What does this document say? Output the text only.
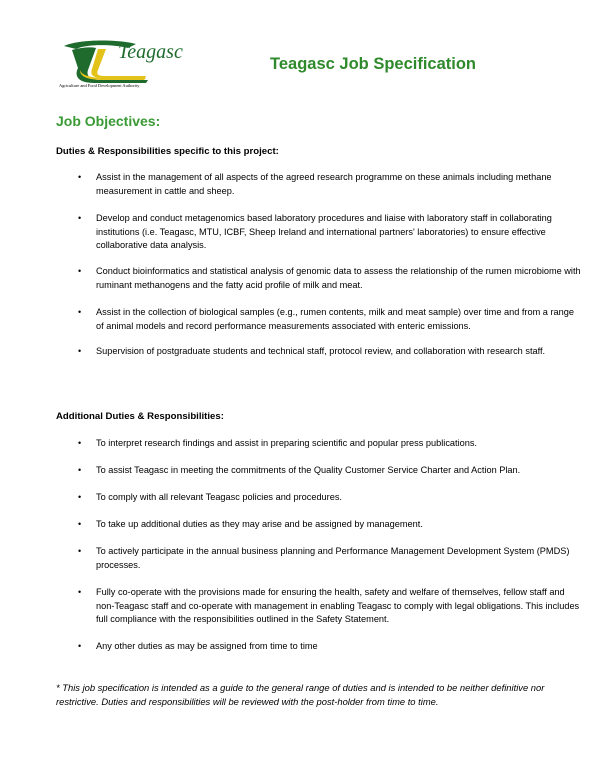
Teagasc
Agriculture and Food Development Authority
Teagasc Job Specification
Job Objectives:
Duties & Responsibilities specific to this project:
• Assist in the management of all aspects of the agreed research programme on these animals including methane measurement in cattle and sheep.
• Develop and conduct metagenomics based laboratory procedures and liaise with laboratory staff in collaborating institutions (i.e. Teagasc, MTU, ICBF, Sheep Ireland and international partners' laboratories) to ensure effective collaborative data analysis.
• Conduct bioinformatics and statistical analysis of genomic data to assess the relationship of the rumen microbiome with ruminant methanogens and the fatty acid profile of milk and meat.
• Assist in the collection of biological samples (e.g., rumen contents, milk and meat sample) over time and from a range of animal models and record performance measurements associated with enteric emissions.
• Supervision of postgraduate students and technical staff, protocol review, and collaboration with research staff.
Additional Duties & Responsibilities:
• To interpret research findings and assist in preparing scientific and popular press publications.
• To assist Teagasc in meeting the commitments of the Quality Customer Service Charter and Action Plan.
• To comply with all relevant Teagasc policies and procedures.
• To take up additional duties as they may arise and be assigned by management.
• To actively participate in the annual business planning and Performance Management Development System (PMDS) processes.
• Fully co-operate with the provisions made for ensuring the health, safety and welfare of themselves, fellow staff and non-Teagasc staff and co-operate with management in enabling Teagasc to comply with legal obligations. This includes full compliance with the responsibilities outlined in the Safety Statement.
• Any other duties as may be assigned from time to time
* This job specification is intended as a guide to the general range of duties and is intended to be neither definitive nor restrictive. Duties and responsibilities will be reviewed with the post-holder from time to time.
